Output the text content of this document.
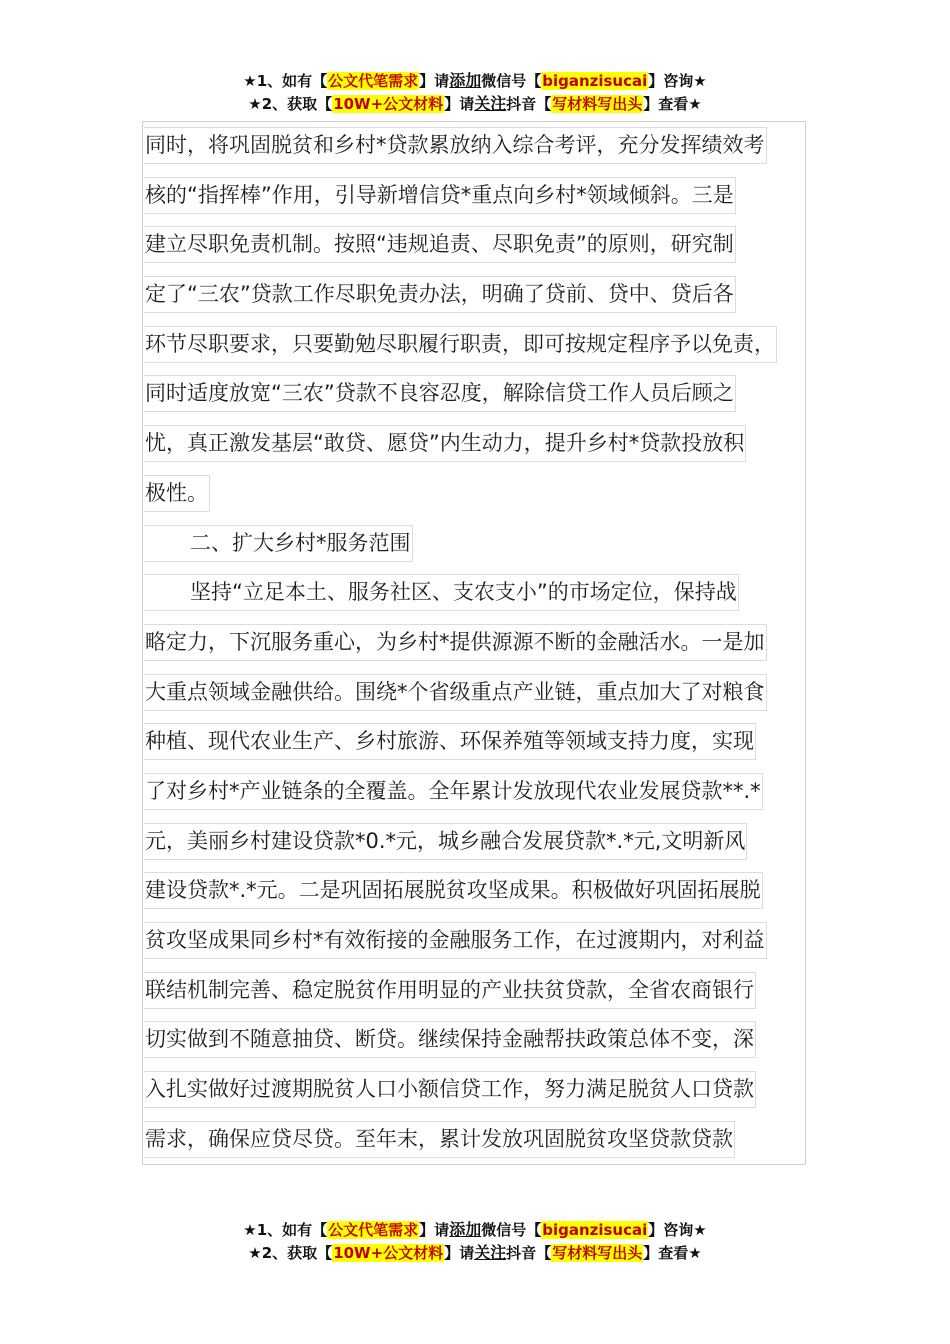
★1、如有【公文代笔需求】请添加微信号【biganzisucai】咨询★
★2、获取【10W+公文材料】请关注抖音【写材料写出头】查看★
同时，将巩固脱贫和乡村*贷款累放纳入综合考评，充分发挥绩效考
核的“指挥棒”作用，引导新增信贷*重点向乡村*领域倾斜。三是
建立尽职免责机制。按照“违规追责、尽职免责”的原则，研究制
定了“三农”贷款工作尽职免责办法，明确了贷前、贷中、贷后各
环节尽职要求，只要勤勉尽职履行职责，即可按规定程序予以免责，
同时适度放宽“三农”贷款不良容忍度，解除信贷工作人员后顾之
忧，真正激发基层“敢贷、愿贷”内生动力，提升乡村*贷款投放积
极性。
二、扩大乡村*服务范围
坚持“立足本土、服务社区、支农支小”的市场定位，保持战
略定力，下沉服务重心，为乡村*提供源源不断的金融活水。一是加
大重点领域金融供给。围绕*个省级重点产业链，重点加大了对粮食
种植、现代农业生产、乡村旅游、环保养殖等领域支持力度，实现
了对乡村*产业链条的全覆盖。全年累计发放现代农业发展贷款**.*
元，美丽乡村建设贷款*0.*元，城乡融合发展贷款*.*元,文明新风
建设贷款*.*元。二是巩固拓展脱贫攻坚成果。积极做好巩固拓展脱
贫攻坚成果同乡村*有效衔接的金融服务工作，在过渡期内，对利益
联结机制完善、稳定脱贫作用明显的产业扶贫贷款，全省农商银行
切实做到不随意抽贷、断贷。继续保持金融帮扶政策总体不变，深
入扎实做好过渡期脱贫人口小额信贷工作，努力满足脱贫人口贷款
需求，确保应贷尽贷。至年末，累计发放巩固脱贫攻坚贷款贷款
★1、如有【公文代笔需求】请添加微信号【biganzisucai】咨询★
★2、获取【10W+公文材料】请关注抖音【写材料写出头】查看★
